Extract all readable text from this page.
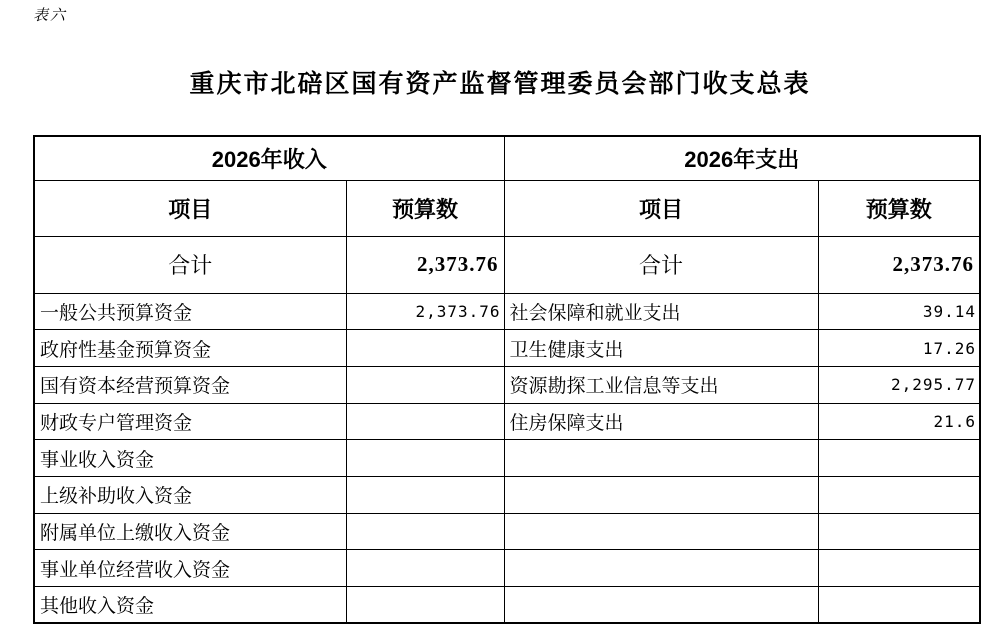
表六
重庆市北碚区国有资产监督管理委员会部门收支总表
2026年收入		2026年支出	
项目	预算数	项目	预算数
合计	2,373.76	合计	2,373.76
一般公共预算资金	2,373.76	社会保障和就业支出	39.14
政府性基金预算资金		卫生健康支出	17.26
国有资本经营预算资金		资源勘探工业信息等支出	2,295.77
财政专户管理资金		住房保障支出	21.6
事业收入资金			
上级补助收入资金			
附属单位上缴收入资金			
事业单位经营收入资金			
其他收入资金			
